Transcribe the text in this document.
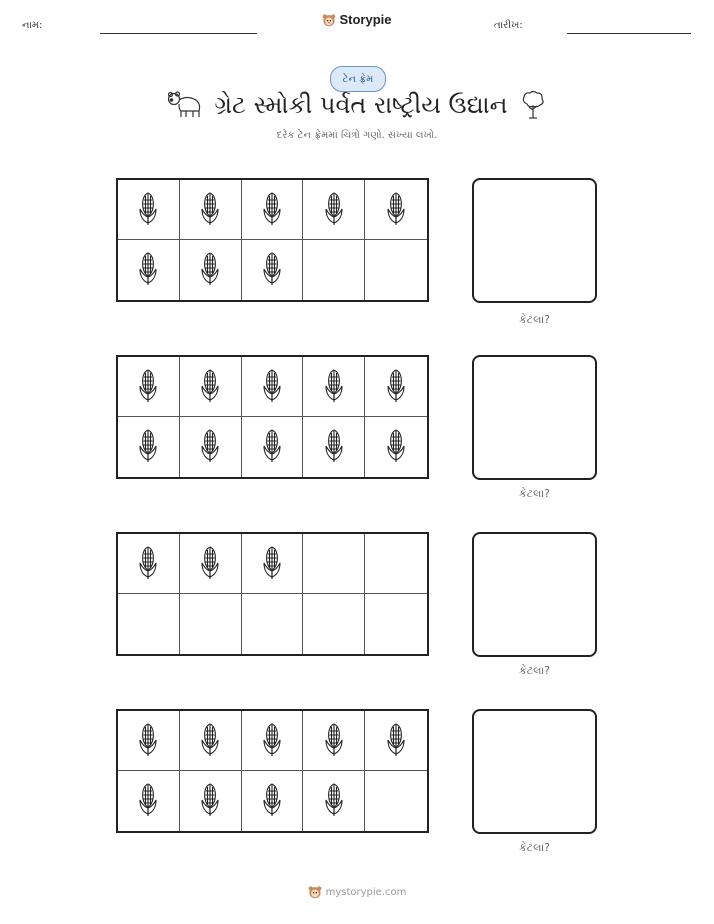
નામ:	Storypie	તારીખ:
ટેન ફ્રેમ
ગ્રેટ સ્મોકી પર્વત રાષ્ટ્રીય ઉદ્યાન
દરેક ટેન ફ્રેમમાં ચિત્રો ગણો. સંખ્યા લખો.
કેટલા?
કેટલા?
કેટલા?
કેટલા?
mystorypie.com
